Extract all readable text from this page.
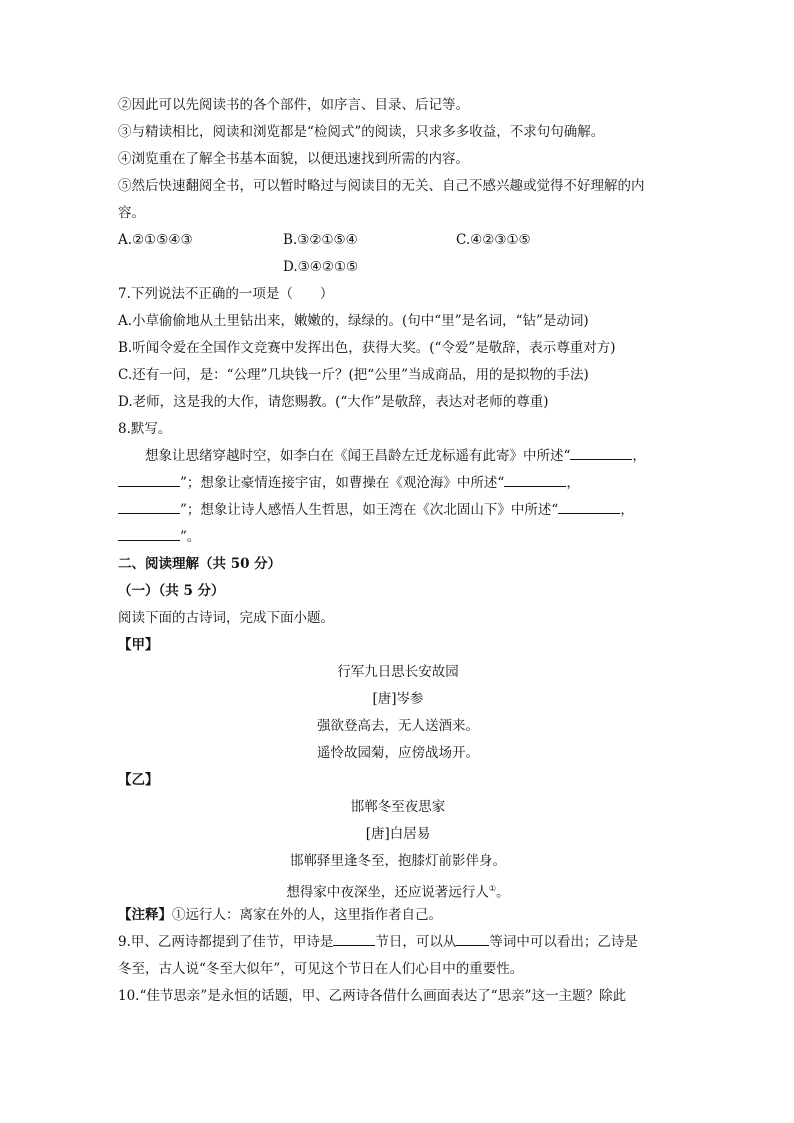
②因此可以先阅读书的各个部件，如序言、目录、后记等。
③与精读相比，阅读和浏览都是“检阅式”的阅读，只求多多收益，不求句句确解。
④浏览重在了解全书基本面貌，以便迅速找到所需的内容。
⑤然后快速翻阅全书，可以暂时略过与阅读目的无关、自己不感兴趣或觉得不好理解的内
容。
A.②①⑤④③	B.③②①⑤④	C.④②③①⑤
D.③④②①⑤
7.下列说法不正确的一项是（　　）
A.小草偷偷地从土里钻出来，嫩嫩的，绿绿的。(句中“里”是名词，“钻”是动词)
B.听闻令爱在全国作文竞赛中发挥出色，获得大奖。(“令爱”是敬辞，表示尊重对方)
C.还有一问，是：“公理”几块钱一斤？(把“公里”当成商品，用的是拟物的手法)
D.老师，这是我的大作，请您赐教。(“大作”是敬辞，表达对老师的尊重)
8.默写。
想象让思绪穿越时空，如李白在《闻王昌龄左迁龙标遥有此寄》中所述“	，
”；想象让豪情连接宇宙，如曹操在《观沧海》中所述“	，
”；想象让诗人感悟人生哲思，如王湾在《次北固山下》中所述“	，
”。
二、阅读理解（共 50 分）
（一）（共 5 分）
阅读下面的古诗词，完成下面小题。
【甲】
行军九日思长安故园
[唐]岑参
强欲登高去，无人送酒来。
遥怜故园菊，应傍战场开。
【乙】
邯郸冬至夜思家
[唐]白居易
邯郸驿里逢冬至，抱膝灯前影伴身。
想得家中夜深坐，还应说著远行人①。
【注释】①远行人：离家在外的人，这里指作者自己。
9.甲、乙两诗都提到了佳节，甲诗是	节日，可以从 等词中可以看出；乙诗是
冬至，古人说“冬至大似年”，可见这个节日在人们心目中的重要性。
10.“佳节思亲”是永恒的话题，甲、乙两诗各借什么画面表达了“思亲”这一主题？除此
